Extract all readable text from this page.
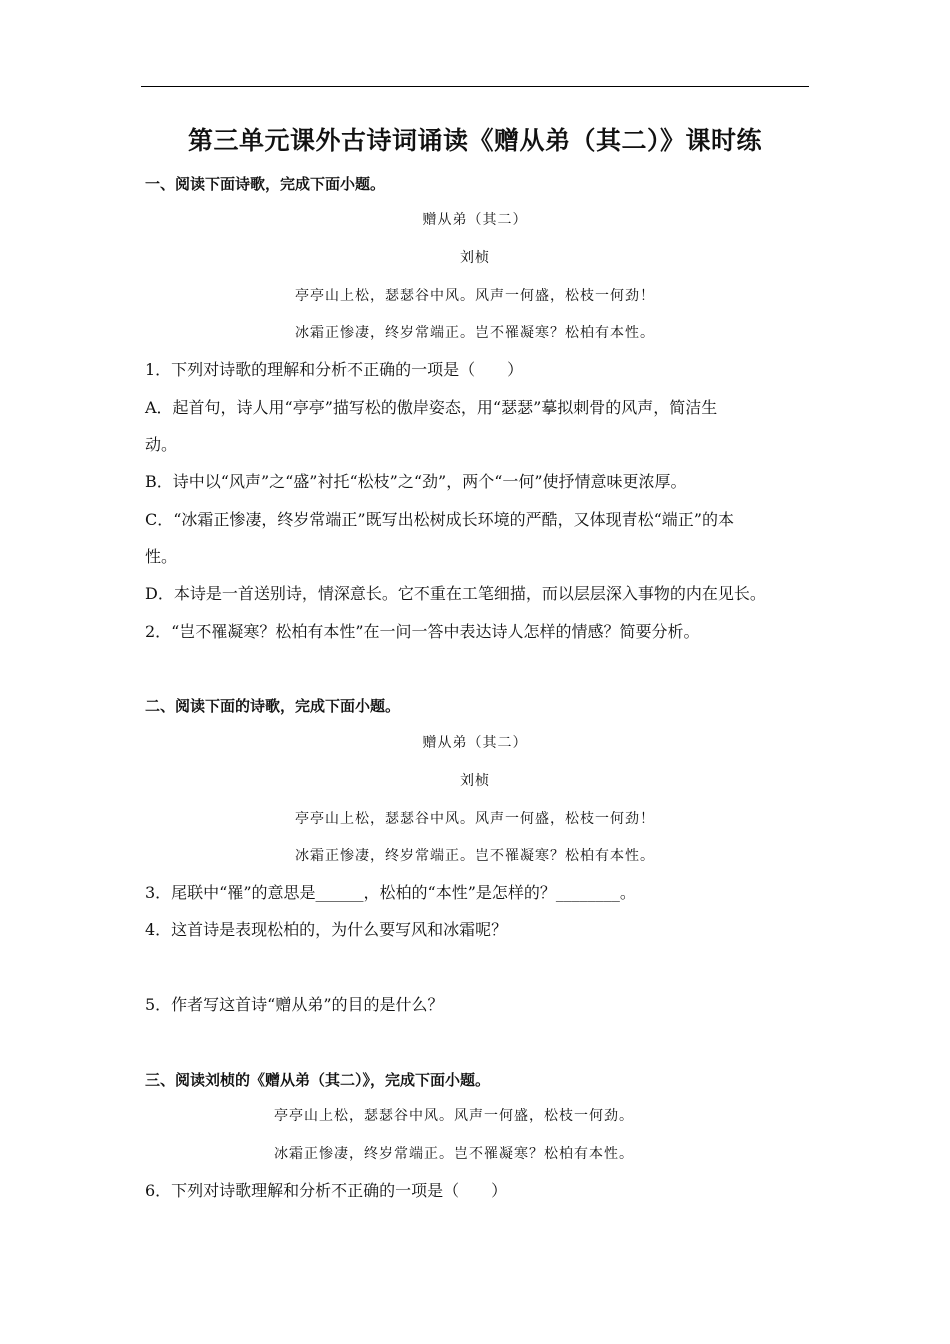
第三单元课外古诗词诵读《赠从弟（其二）》课时练
一、阅读下面诗歌，完成下面小题。
赠从弟（其二）
刘桢
亭亭山上松，瑟瑟谷中风。风声一何盛，松枝一何劲！
冰霜正惨凄，终岁常端正。岂不罹凝寒？松柏有本性。
1．下列对诗歌的理解和分析不正确的一项是（　　）
A．起首句，诗人用“亭亭”描写松的傲岸姿态，用“瑟瑟”摹拟刺骨的风声，简洁生
动。
B．诗中以“风声”之“盛”衬托“松枝”之“劲”，两个“一何”使抒情意味更浓厚。
C．“冰霜正惨凄，终岁常端正”既写出松树成长环境的严酷，又体现青松“端正”的本
性。
D．本诗是一首送别诗，情深意长。它不重在工笔细描，而以层层深入事物的内在见长。
2．“岂不罹凝寒？松柏有本性”在一问一答中表达诗人怎样的情感？简要分析。
二、阅读下面的诗歌，完成下面小题。
赠从弟（其二）
刘桢
亭亭山上松，瑟瑟谷中风。风声一何盛，松枝一何劲！
冰霜正惨凄，终岁常端正。岂不罹凝寒？松柏有本性。
3．尾联中“罹”的意思是______，松柏的“本性”是怎样的？________。
4．这首诗是表现松柏的，为什么要写风和冰霜呢？
5．作者写这首诗“赠从弟”的目的是什么？
三、阅读刘桢的《赠从弟（其二）》，完成下面小题。
亭亭山上松，瑟瑟谷中风。风声一何盛，松枝一何劲。
冰霜正惨凄，终岁常端正。岂不罹凝寒？松柏有本性。
6．下列对诗歌理解和分析不正确的一项是（　　）
